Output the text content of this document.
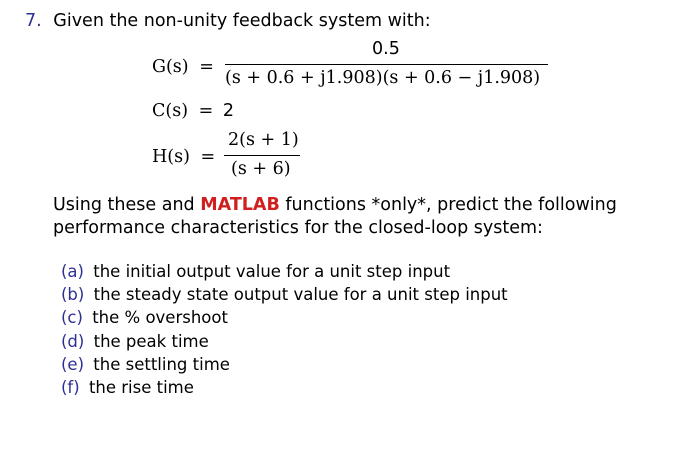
7. Given the non-unity feedback system with:
G(s) =
0.5
(s + 0.6 + j1.908)(s + 0.6 − j1.908)
C(s) = 2
H(s) =
2(s + 1)
(s + 6)
Using these and MATLAB functions *only*, predict the following
performance characteristics for the closed-loop system:
(a) the initial output value for a unit step input
(b) the steady state output value for a unit step input
(c) the % overshoot
(d) the peak time
(e) the settling time
(f) the rise time
